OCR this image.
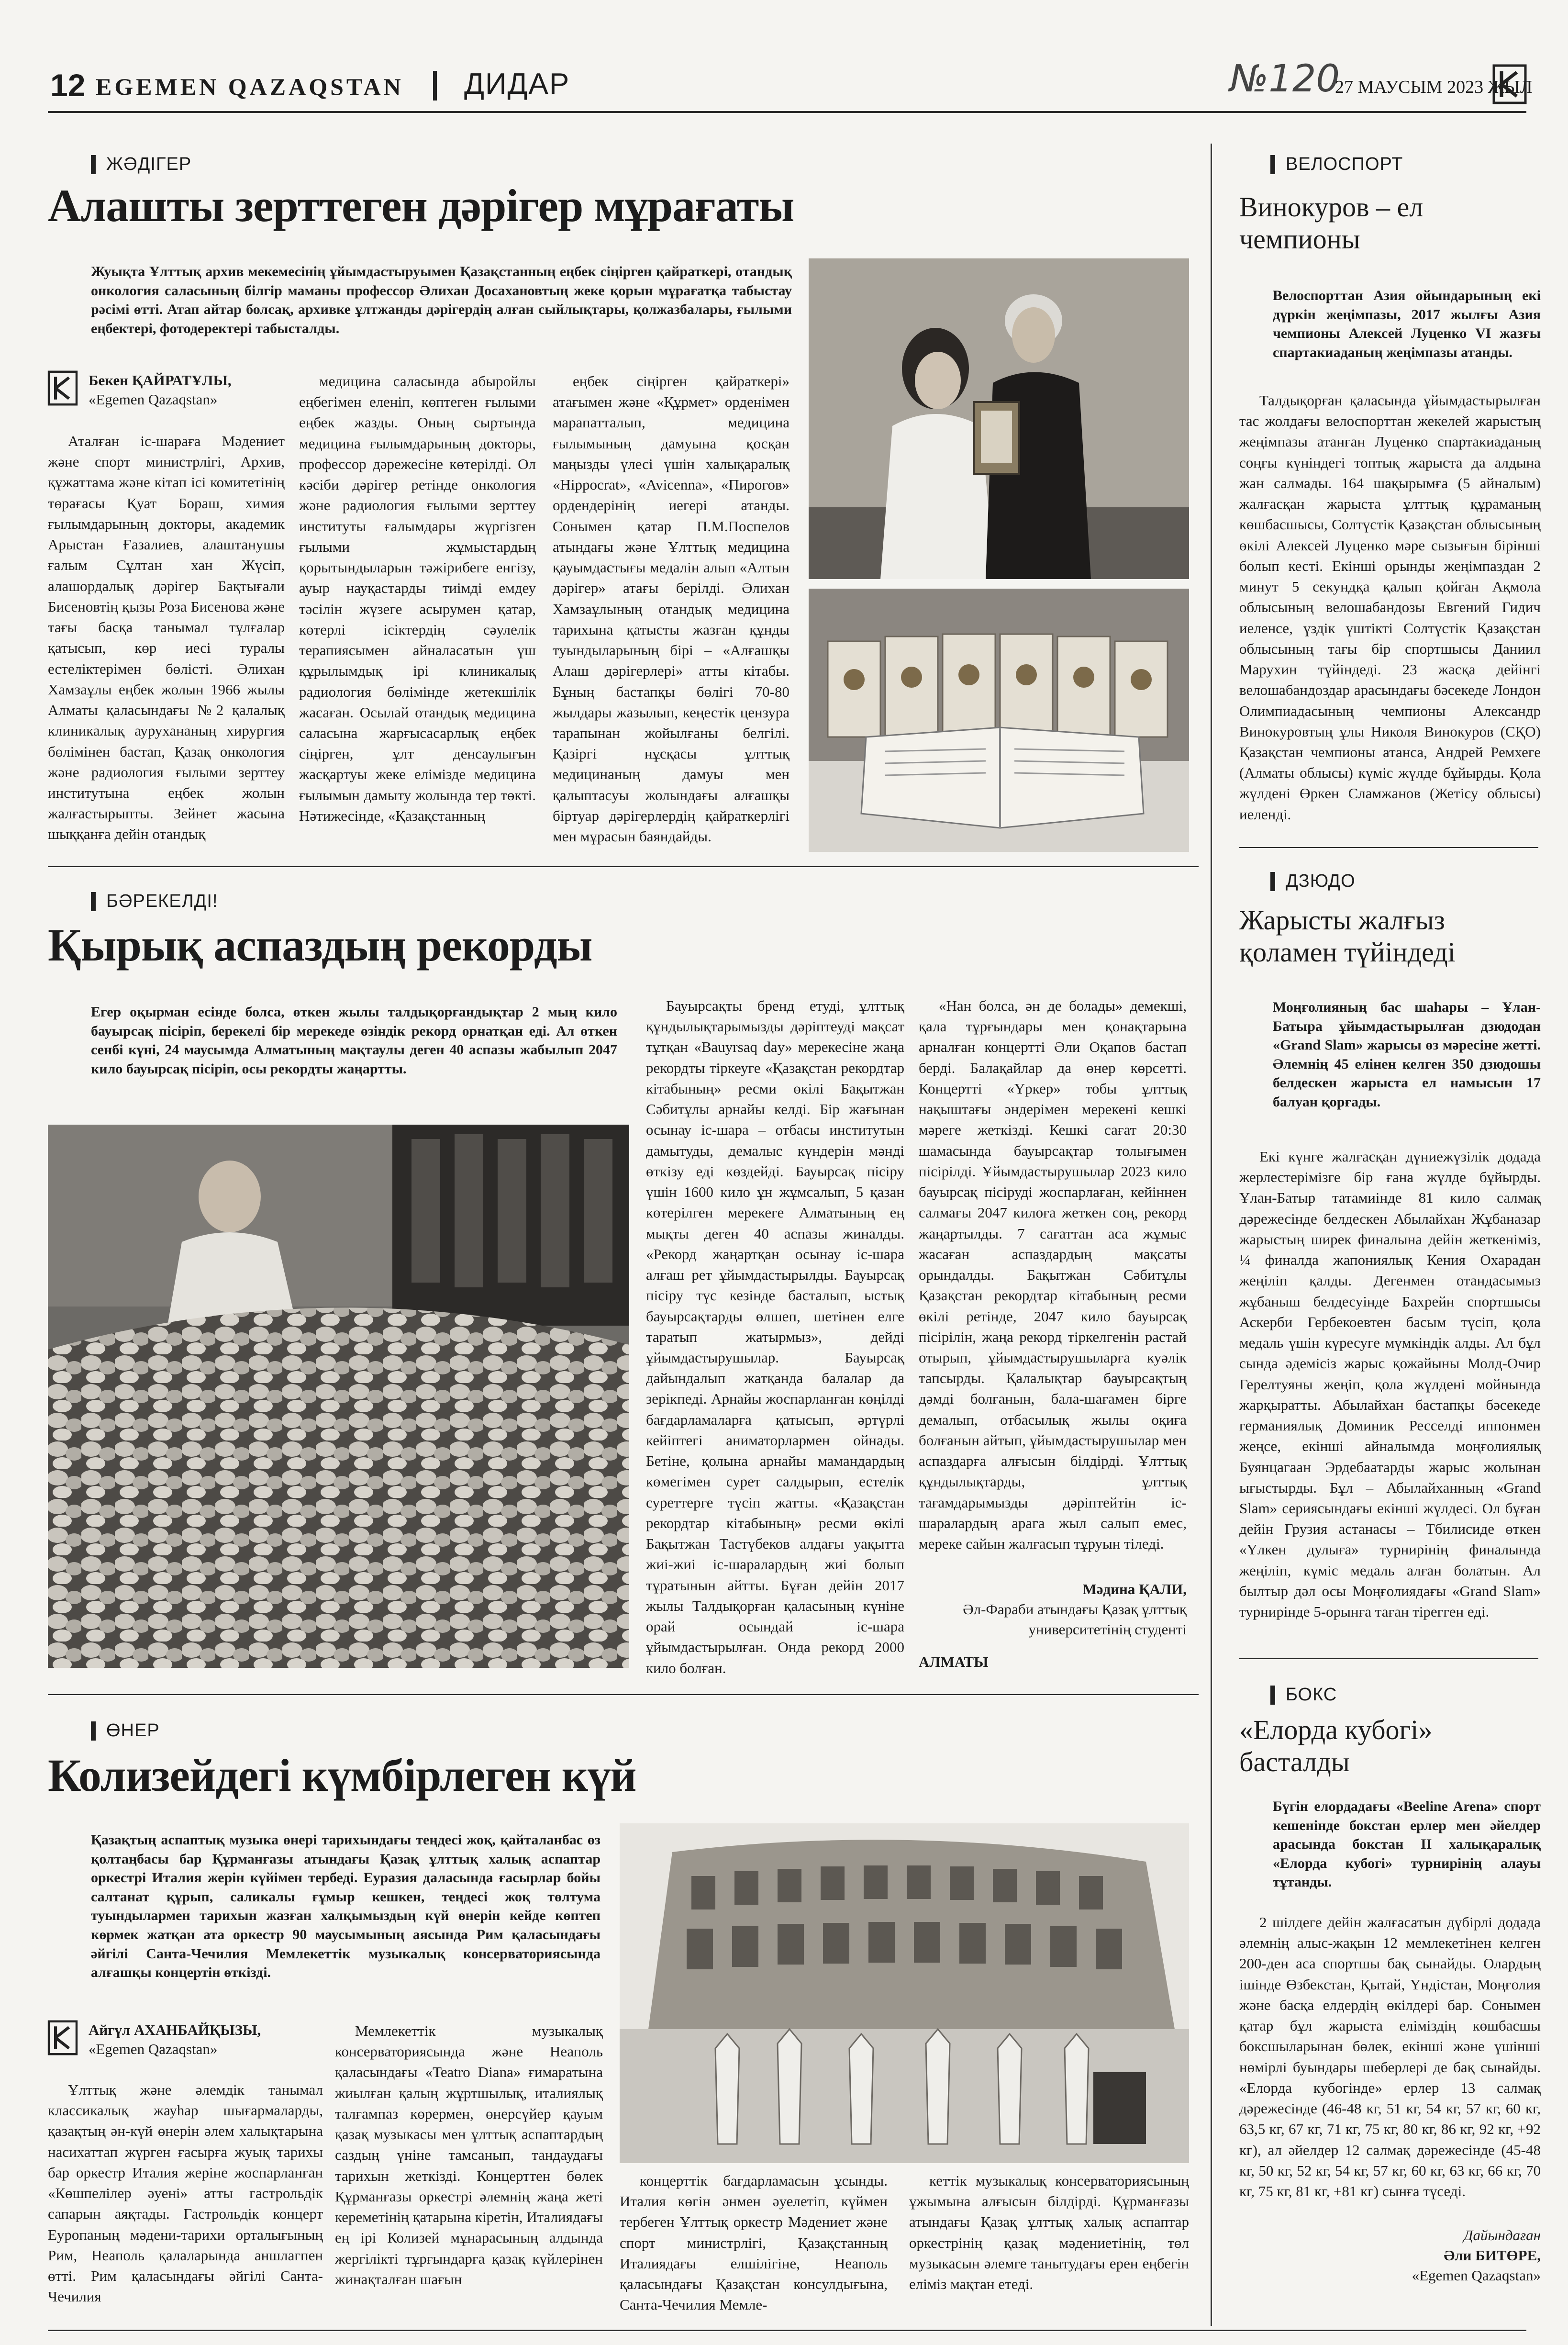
12 EGEMEN QAZAQSTAN ДИДАР	№120
27 МАУСЫМ 2023 ЖЫЛ
ЖӘДІГЕР
Алашты зерттеген дәрігер мұрағаты
Жуықта Ұлттық архив мекемесінің ұйымдастыруымен Қазақстанның еңбек сіңірген қайраткері, отандық онкология саласының білгір маманы профессор Әлихан Досахановтың жеке қорын мұрағатқа табыстау рәсімі өтті. Атап айтар болсақ, архивке ұлтжанды дәрігердің алған сыйлықтары, қолжазбалары, ғылыми еңбектері, фотодеректері табысталды.
Бекен ҚАЙРАТҰЛЫ,
«Egemen Qazaqstan»

Аталған іс-шараға Мәдениет және спорт министрлігі, Архив, құжаттама және кітап ісі комитетінің төрағасы Қуат Бораш, химия ғылымдарының докторы, академик Арыстан Ғазалиев, алаштанушы ғалым Сұлтан хан Жүсіп, алашордалық дәрігер Бақтығали Бисеновтің қызы Роза Бисенова және тағы басқа танымал тұлғалар қатысып, көр иесі туралы естеліктерімен бөлісті. Әлихан Хамзаұлы еңбек жолын 1966 жылы Алматы қаласындағы №2 қалалық клиникалық аурухананың хирургия бөлімінен бастап, Қазақ онкология және радиология ғылыми зерттеу институтына еңбек жолын жалғастырыпты. Зейнет жасына шыққанға дейін отандық

медицина саласында абыройлы еңбегімен еленіп, көптеген ғылыми еңбек жазды. Оның сыртында медицина ғылымдарының докторы, профессор дәрежесіне көтерілді. Ол кәсіби дәрігер ретінде онкология және радиология ғылыми зерттеу институты ғалымдары жүргізген ғылыми жұмыстардың қорытындыларын тәжірибеге енгізу, ауыр науқастарды тиімді емдеу тәсілін жүзеге асырумен қатар, көтерлі ісіктердің сәулелік терапиясымен айналасатын үш құрылымдық ірі клиникалық радиология бөлімінде жетекшілік жасаған. Осылай отандық медицина саласына жарғысасарлық еңбек сіңірген, ұлт денсаулығын жасқартуы жеке елімізде медицина ғылымын дамыту жолында тер төкті. Нәтижесінде, «Қазақстанның

еңбек сіңірген қайраткері» атағымен және «Құрмет» орденімен марапатталып, медицина ғылымының дамуына қосқан маңызды үлесі үшін халықаралық «Hippocrat», «Avicenna», «Пирогов» ордендерінің иегері атанды. Сонымен қатар П.М.Поспелов атындағы және Ұлттық медицина қауымдастығы медалін алып «Алтын дәрігер» атағы берілді. Әлихан Хамзаұлының отандық медицина тарихына қатысты жазған құнды туындыларының бірі – «Алғашқы Алаш дәрігерлері» атты кітабы. Бұның бастапқы бөлігі 70-80 жылдары жазылып, кеңестік цензура тарапынан жойылғаны белгілі. Қазіргі нұсқасы ұлттық медицинаның дамуы мен қалыптасуы жолындағы алғашқы біртуар дәрігерлердің қайраткерлігі мен мұрасын баяндайды.

БӘРЕКЕЛДІ!
Қырық аспаздың рекорды
Егер оқырман есінде болса, өткен жылы талдықорғандықтар 2 мың кило бауырсақ пісіріп, берекелі бір мерекеде өзіндік рекорд орнатқан еді. Ал өткен сенбі күні, 24 маусымда Алматының мақтаулы деген 40 аспазы жабылып 2047 кило бауырсақ пісіріп, осы рекордты жаңартты.

Бауырсақты бренд етуді, ұлттық құндылықтарымызды дәріптеуді мақсат тұтқан «Bauyrsaq day» мерекесіне жаңа рекордты тіркеуге «Қазақстан рекордтар кітабының» ресми өкілі Бақытжан Сәбитұлы арнайы келді. Бір жағынан осынау іс-шара – отбасы институтын дамытуды, демалыс күндерін мәнді өткізу еді көздейді. Бауырсақ пісіру үшін 1600 кило ұн жұмсалып, 5 қазан көтерілген мерекеге Алматының ең мықты деген 40 аспазы жиналды. «Рекорд жаңартқан осынау іс-шара алғаш рет ұйымдастырылды. Бауырсақ пісіру түс кезінде басталып, ыстық бауырсақтарды өлшеп, шетінен елге таратып жатырмыз», дейді ұйымдастырушылар. Бауырсақ дайындалып жатқанда балалар да зерікпеді. Арнайы жоспарланған көңілді бағдарламаларға қатысып, әртүрлі кейіптегі аниматорлармен ойнады. Бетіне, қолына арнайы мамандардың көмегімен сурет салдырып, естелік суреттерге түсіп жатты. «Қазақстан рекордтар кітабының» ресми өкілі Бақытжан Тастүбеков алдағы уақытта жиі-жиі іс-шаралардың жиі болып тұратынын айтты. Бұған дейін 2017 жылы Талдықорған қаласының күніне орай осындай іс-шара ұйымдастырылған. Онда рекорд 2000 кило болған.

«Нан болса, ән де болады» демекші, қала тұрғындары мен қонақтарына арналған концертті Әли Оқапов бастап берді. Балақайлар да өнер көрсетті. Концертті «Үркер» тобы ұлттық нақыштағы әндерімен мерекені кешкі мәреге жеткізді. Кешкі сағат 20:30 шамасында бауырсақтар толығымен пісірілді. Ұйымдастырушылар 2023 кило бауырсақ пісіруді жоспарлаған, кейіннен салмағы 2047 килоға жеткен соң, рекорд жаңартылды. 7 сағаттан аса жұмыс жасаған аспаздардың мақсаты орындалды. Бақытжан Сәбитұлы Қазақстан рекордтар кітабының ресми өкілі ретінде, 2047 кило бауырсақ пісірілін, жаңа рекорд тіркелгенін растай отырып, ұйымдастырушыларға куәлік тапсырды. Қалалықтар бауырсақтың дәмді болғанын, бала-шағамен бірге демалып, отбасылық жылы оқиға болғанын айтып, ұйымдастырушылар мен аспаздарға алғысын білдірді. Ұлттық құндылықтарды, ұлттық тағамдарымызды дәріптейтін іс-шаралардың арага жыл салып емес, мереке сайын жалғасып тұруын тіледі.

Мәдина ҚАЛИ,
Әл-Фараби атындағы Қазақ ұлттық университетінің студенті
АЛМАТЫ
ӨНЕР
Колизейдегі күмбірлеген күй
Қазақтың аспаптық музыка өнері тарихындағы теңдесі жоқ, қайталанбас өз қолтаңбасы бар Құрманғазы атындағы Қазақ ұлттық халық аспаптар оркестрі Италия жерін күйімен тербеді. Еуразия даласында ғасырлар бойы салтанат құрып, саликалы ғұмыр кешкен, теңдесі жоқ төлтума туындылармен тарихын жазған халқымыздың күй өнерін кейде көптеп көрмек жатқан ата оркестр 90 маусымының аясында Рим қаласындағы әйгілі Санта-Чечилия Мемлекеттік музыкалық консерваториясында алғашқы концертін өткізді.
Айгүл АХАНБАЙҚЫЗЫ,
«Egemen Qazaqstan»

Ұлттық және әлемдік танымал классикалық жауһар шығармаларды, қазақтың ән-күй өнерін әлем халықтарына насихаттап жүрген ғасырға жуық тарихы бар оркестр Италия жеріне жоспарланған «Көшпелілер әуені» атты гастрольдік сапарын аяқтады. Гастрольдік концерт Еуропаның мәдени-тарихи орталығының Рим, Неаполь қалаларында аншлагпен өтті. Рим қаласындағы әйгілі Санта-Чечилия

Мемлекеттік музыкалық консерваториясында және Неаполь қаласындағы «Teatro Diana» ғимаратына жиылған қалың жұртшылық, италиялық талғампаз көрермен, өнерсүйер қауым қазақ музыкасы мен ұлттық аспаптардың саздың үніне тамсанып, тандаудағы тарихын жеткізді. Концерттен бөлек Құрманғазы оркестрі әлемнің жаңа жеті кереметінің қатарына кіретін, Италиядағы ең ірі Колизей мұнарасының алдында жергілікті тұрғындарға қазақ күйлерінен жинақталған шағын

концерттік бағдарламасын ұсынды. Италия көгін әнмен әуелетіп, күймен тербеген Ұлттық оркестр Мәдениет және спорт министрлігі, Қазақстанның Италиядағы елшілігіне, Неаполь қаласындағы Қазақстан консулдығына, Санта-Чечилия Мемле-

кеттік музыкалық консерваториясының ұжымына алғысын білдірді. Құрманғазы атындағы Қазақ ұлттық халық аспаптар оркестрінің қазақ мәдениетінің, төл музыкасын әлемге танытудағы ерен еңбегін еліміз мақтан етеді.

ВЕЛОСПОРТ
Винокуров – ел чемпионы
Велоспорттан Азия ойындарының екі дүркін жеңімпазы, 2017 жылғы Азия чемпионы Алексей Луценко VI жазғы спартакиаданың жеңімпазы атанды.

Талдықорған қаласында ұйымдастырылған тас жолдағы велоспорттан жекелей жарыстың жеңімпазы атанған Луценко спартакиаданың соңғы күніндегі топтық жарыста да алдына жан салмады. 164 шақырымға (5 айналым) жалғасқан жарыста ұлттық құраманың көшбасшысы, Солтүстік Қазақстан облысының өкілі Алексей Луценко мәре сызығын бірінші болып кесті. Екінші орынды жеңімпаздан 2 минут 5 секундқа қалып қойған Ақмола облысының велошабандозы Евгений Гидич иеленсе, үздік үштікті Солтүстік Қазақстан облысының тағы бір спортшысы Даниил Марухин түйіндеді. 23 жасқа дейінгі велошабандоздар арасындағы бәсекеде Лондон Олимпиадасының чемпионы Александр Винокуровтың ұлы Николя Винокуров (СҚО) Қазақстан чемпионы атанса, Андрей Ремхеге (Алматы облысы) күміс жүлде бұйырды. Қола жүлдені Өркен Сламжанов (Жетісу облысы) иеленді.

ДЗЮДО
Жарысты жалғыз қоламен түйіндеді
Моңғолияның бас шаһары – Ұлан-Батыра ұйымдастырылған дзюдодан «Grand Slam» жарысы өз мәресіне жетті. Әлемнің 45 елінен келген 350 дзюдошы белдескен жарыста ел намысын 17 балуан қорғады.

Екі күнге жалғасқан дүниежүзілік додада жерлестерімізге бір ғана жүлде бұйырды. Ұлан-Батыр татамиінде 81 кило салмақ дәрежесінде белдескен Абылайхан Жұбаназар жарыстың ширек финалына дейін жеткеніміз, ¼ финалда жапониялық Кения Охарадан жеңіліп қалды. Дегенмен отандасымыз жұбаныш белдесуінде Бахрейн спортшысы Аскерби Гербекоевтен басым түсіп, қола медаль үшін күресуге мүмкіндік алды. Ал бұл сында әдемісіз жарыс қожайыны Молд-Очир Герелтуяны жеңіп, қола жүлдені мойнында жарқыратты. Абылайхан бастапқы бәсекеде германиялық Доминик Ресселді иппонмен жеңсе, екінші айналымда моңғолиялық Буянцагаан Эрдебаатарды жарыс жолынан ығыстырды. Бұл – Абылайханның «Grand Slam» сериясындағы екінші жүлдесі. Ол бұған дейін Грузия астанасы – Тбилисиде өткен «Үлкен дулыға» турнирінің финалында жеңіліп, күміс медаль алған болатын. Ал былтыр дәл осы Моңғолиядағы «Grand Slam» турнирінде 5-орынға таған тірегген еді.

БОКС
«Елорда кубогі» басталды
Бүгін елордадағы «Beeline Arena» спорт кешенінде бокстан ерлер мен әйелдер арасында бокстан ІІ халықаралық «Елорда кубогі» турнирінің алауы тұтанды.

2 шілдеге дейін жалғасатын дүбірлі додада әлемнің алыс-жақын 12 мемлекетінен келген 200-ден аса спортшы бақ сынайды. Олардың ішінде Өзбекстан, Қытай, Үндістан, Моңғолия және басқа елдердің өкілдері бар. Сонымен қатар бұл жарыста еліміздің көшбасшы боксшыларынан бөлек, екінші және үшінші нөмірлі буындары шеберлері де бақ сынайды. «Елорда кубогінде» ерлер 13 салмақ дәрежесінде (46-48 кг, 51 кг, 54 кг, 57 кг, 60 кг, 63,5 кг, 67 кг, 71 кг, 75 кг, 80 кг, 86 кг, 92 кг, +92 кг), ал әйелдер 12 салмақ дәрежесінде (45-48 кг, 50 кг, 52 кг, 54 кг, 57 кг, 60 кг, 63 кг, 66 кг, 70 кг, 75 кг, 81 кг, +81 кг) сынға түседі.

Дайындаған
Әли БИТӨРЕ,
«Egemen Qazaqstan»
